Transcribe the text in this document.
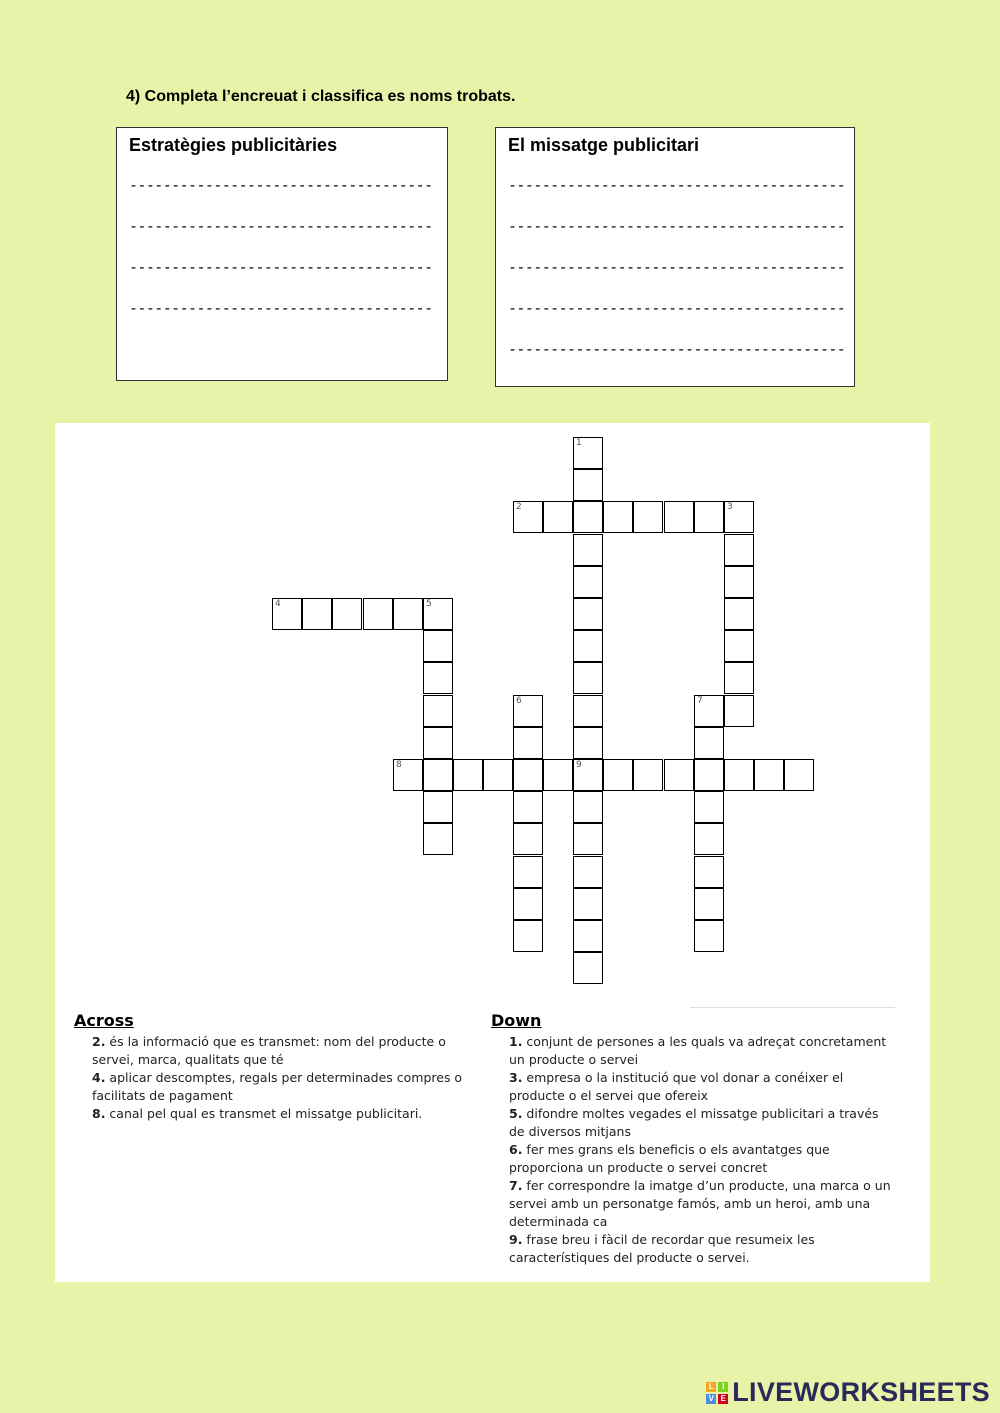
4) Completa l’encreuat i classifica es noms trobats.
Estratègies publicitàries
------------------------------------
------------------------------------
------------------------------------
------------------------------------
El missatge publicitari
----------------------------------------
----------------------------------------
----------------------------------------
----------------------------------------
----------------------------------------
1
2	3
4	5
6	7
8	9
Across
2. és la informació que es transmet: nom del producte o servei, marca, qualitats que té
4. aplicar descomptes, regals per determinades compres o facilitats de pagament
8. canal pel qual es transmet el missatge publicitari.
Down
1. conjunt de persones a les quals va adreçat concretament un producte o servei
3. empresa o la institució que vol donar a conéixer el producte o el servei que ofereix
5. difondre moltes vegades el missatge publicitari a través de diversos mitjans
6. fer mes grans els beneficis o els avantatges que proporciona un producte o servei concret
7. fer correspondre la imatge d’un producte, una marca o un servei amb un personatge famós, amb un heroi, amb una determinada ca
9. frase breu i fàcil de recordar que resumeix les característiques del producte o servei.
L	I
V E LIVEWORKSHEETS
